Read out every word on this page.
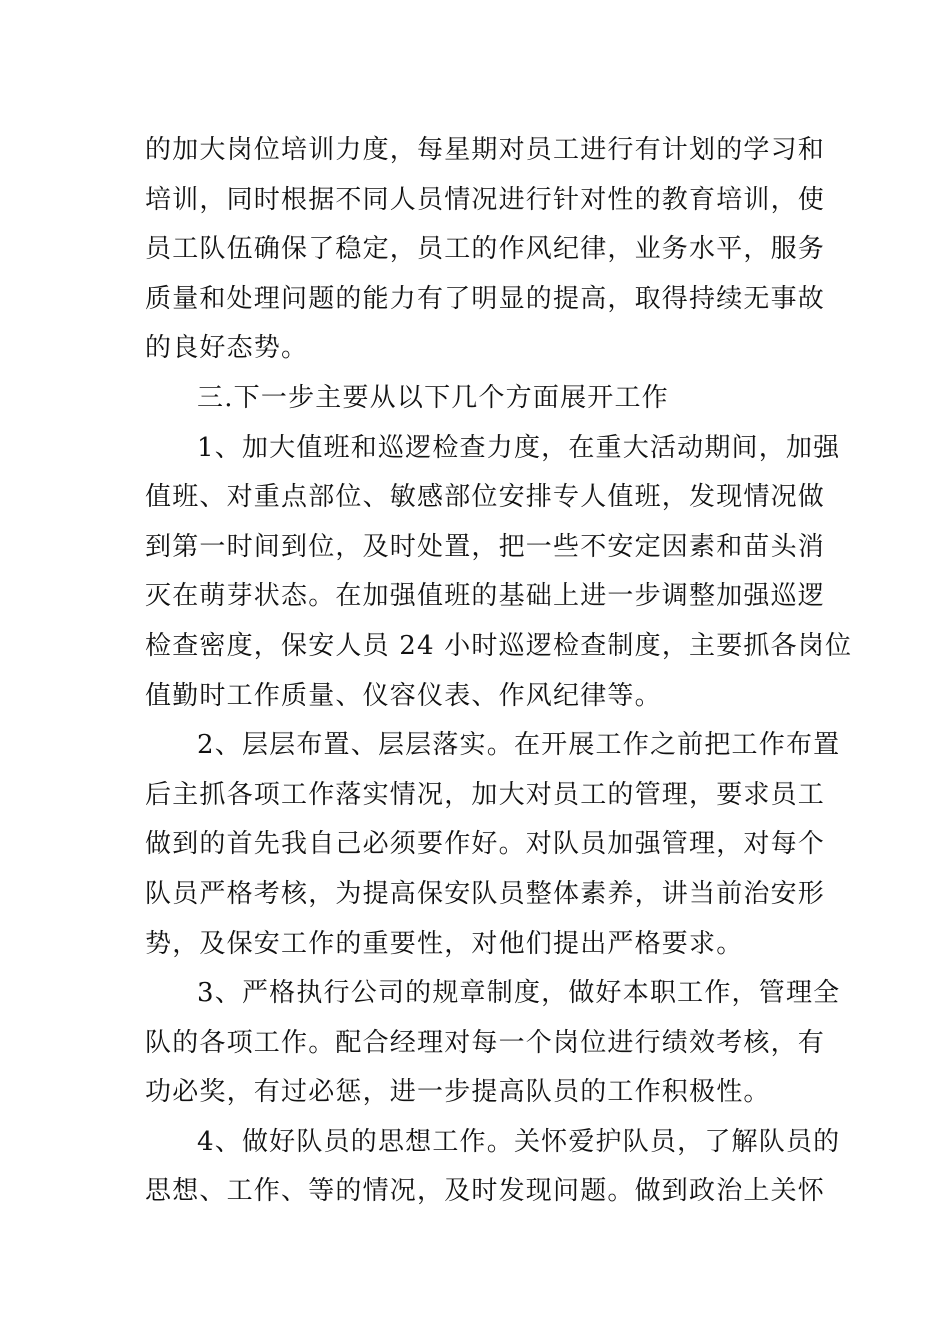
的加大岗位培训力度，每星期对员工进行有计划的学习和
培训，同时根据不同人员情况进行针对性的教育培训，使
员工队伍确保了稳定，员工的作风纪律，业务水平，服务
质量和处理问题的能力有了明显的提高，取得持续无事故
的良好态势。
三.下一步主要从以下几个方面展开工作
1、加大值班和巡逻检查力度，在重大活动期间，加强
值班、对重点部位、敏感部位安排专人值班，发现情况做
到第一时间到位，及时处置，把一些不安定因素和苗头消
灭在萌芽状态。在加强值班的基础上进一步调整加强巡逻
检查密度，保安人员 24 小时巡逻检查制度，主要抓各岗位
值勤时工作质量、仪容仪表、作风纪律等。
2、层层布置、层层落实。在开展工作之前把工作布置
后主抓各项工作落实情况，加大对员工的管理，要求员工
做到的首先我自己必须要作好。对队员加强管理，对每个
队员严格考核，为提高保安队员整体素养，讲当前治安形
势，及保安工作的重要性，对他们提出严格要求。
3、严格执行公司的规章制度，做好本职工作，管理全
队的各项工作。配合经理对每一个岗位进行绩效考核，有
功必奖，有过必惩，进一步提高队员的工作积极性。
4、做好队员的思想工作。关怀爱护队员，了解队员的
思想、工作、等的情况，及时发现问题。做到政治上关怀
